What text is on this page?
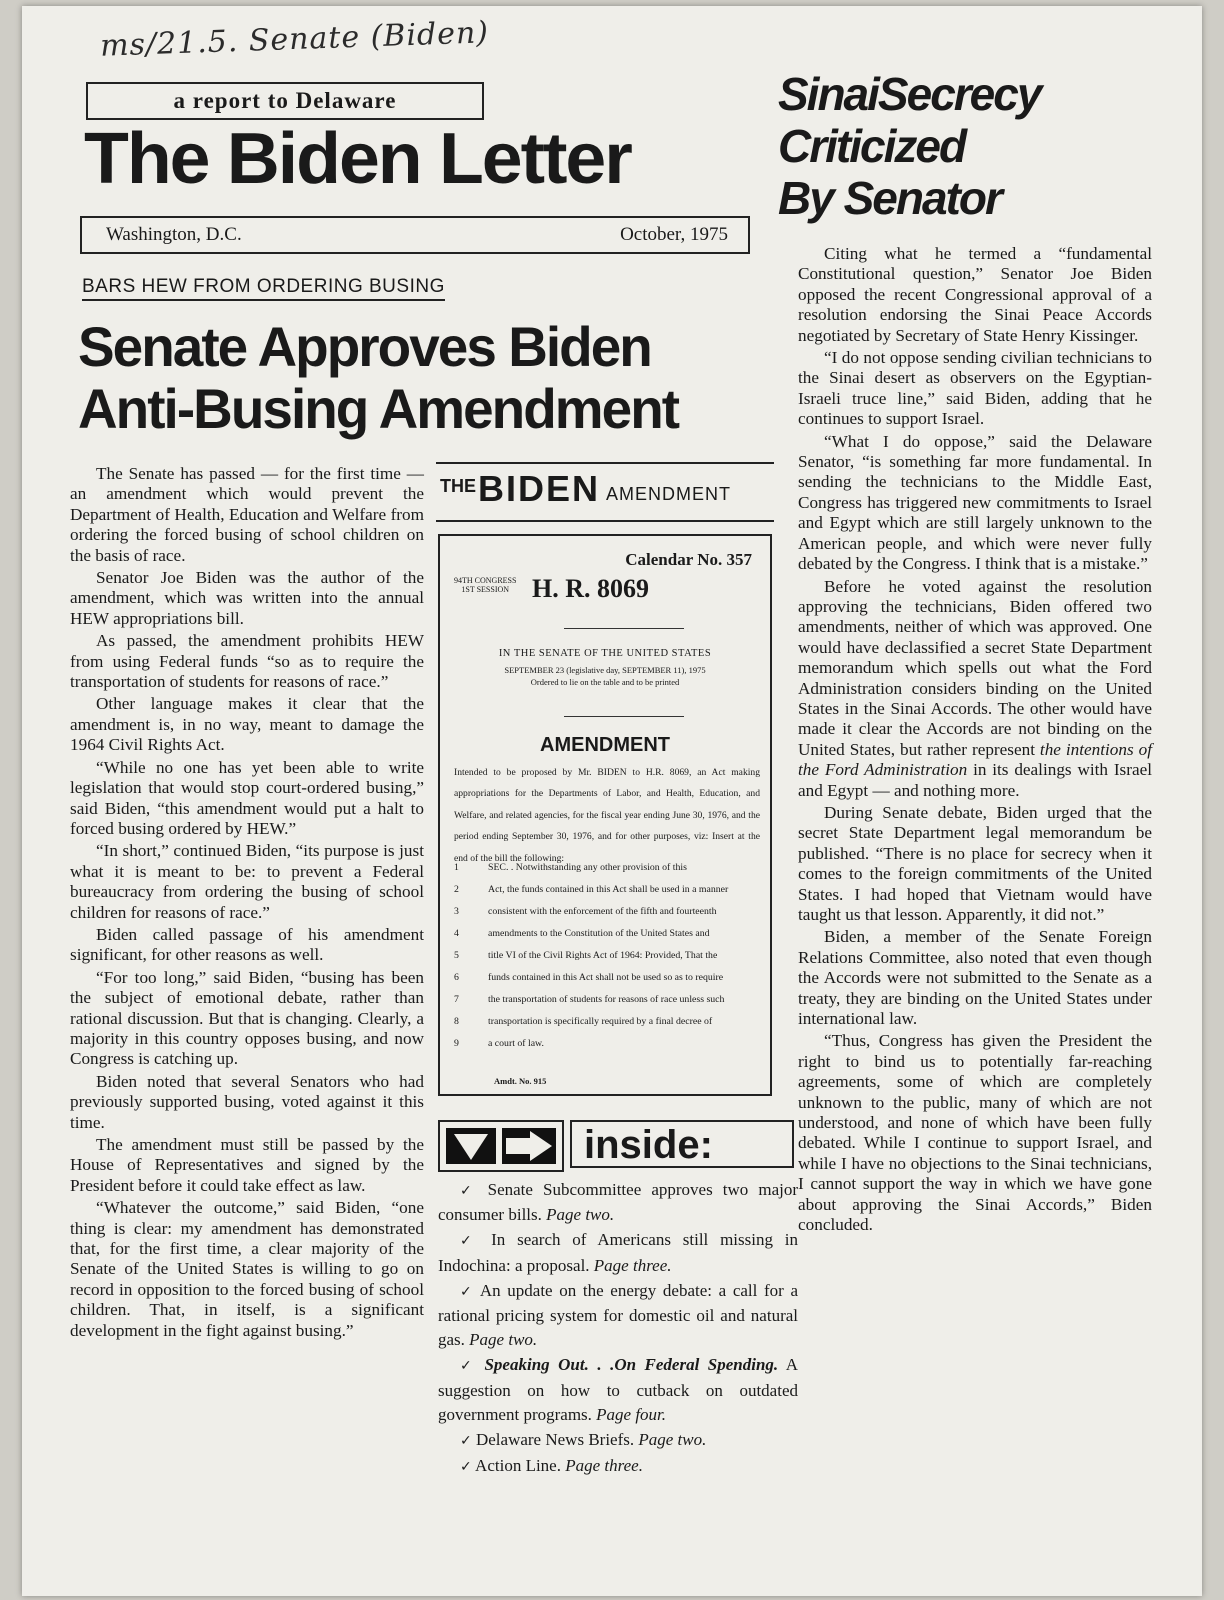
ms/21.5. Senate (Biden)
a report to Delaware
The Biden Letter
Washington, D.C.	October, 1975
BARS HEW FROM ORDERING BUSING
Senate Approves Biden
Anti-Busing Amendment

The Senate has passed — for the first time — an amendment which would prevent the Department of Health, Education and Welfare from ordering the forced busing of school children on the basis of race.

Senator Joe Biden was the author of the amendment, which was written into the annual HEW appropriations bill.

As passed, the amendment prohibits HEW from using Federal funds “so as to require the transportation of students for reasons of race.”

Other language makes it clear that the amendment is, in no way, meant to damage the 1964 Civil Rights Act.

“While no one has yet been able to write legislation that would stop court-ordered busing,” said Biden, “this amendment would put a halt to forced busing ordered by HEW.”

“In short,” continued Biden, “its purpose is just what it is meant to be: to prevent a Federal bureaucracy from ordering the busing of school children for reasons of race.”

Biden called passage of his amendment significant, for other reasons as well.

“For too long,” said Biden, “busing has been the subject of emotional debate, rather than rational discussion. But that is changing. Clearly, a majority in this country opposes busing, and now Congress is catching up.

Biden noted that several Senators who had previously supported busing, voted against it this time.

The amendment must still be passed by the House of Representatives and signed by the President before it could take effect as law.

“Whatever the outcome,” said Biden, “one thing is clear: my amendment has demonstrated that, for the first time, a clear majority of the Senate of the United States is willing to go on record in opposition to the forced busing of school children. That, in itself, is a significant development in the fight against busing.”

THE BIDEN AMENDMENT
Calendar No. 357
94TH CONGRESS
1ST SESSION H. R. 8069
IN THE SENATE OF THE UNITED STATES
SEPTEMBER 23 (legislative day, SEPTEMBER 11), 1975
Ordered to lie on the table and to be printed
AMENDMENT
Intended to be proposed by Mr. BIDEN to H.R. 8069, an Act making appropriations for the Departments of Labor, and Health, Education, and Welfare, and related agencies, for the fiscal year ending June 30, 1976, and the period ending September 30, 1976, and for other purposes, viz: Insert at the end of the bill the following:
1	SEC. . Notwithstanding any other provision of this
2	Act, the funds contained in this Act shall be used in a manner
3	consistent with the enforcement of the fifth and fourteenth
4	amendments to the Constitution of the United States and
5	title VI of the Civil Rights Act of 1964: Provided, That the
6	funds contained in this Act shall not be used so as to require
7	the transportation of students for reasons of race unless such
8	transportation is specifically required by a final decree of
9	a court of law.
Amdt. No. 915
inside:

✓ Senate Subcommittee approves two major consumer bills. Page two.

✓ In search of Americans still missing in Indochina: a proposal. Page three.

✓ An update on the energy debate: a call for a rational pricing system for domestic oil and natural gas. Page two.

✓ Speaking Out. . .On Federal Spending. A suggestion on how to cutback on outdated government programs. Page four.

✓ Delaware News Briefs. Page two.

✓ Action Line. Page three.

SinaiSecrecy
Criticized
By Senator

Citing what he termed a “fundamental Constitutional question,” Senator Joe Biden opposed the recent Congressional approval of a resolution endorsing the Sinai Peace Accords negotiated by Secretary of State Henry Kissinger.

“I do not oppose sending civilian technicians to the Sinai desert as observers on the Egyptian-Israeli truce line,” said Biden, adding that he continues to support Israel.

“What I do oppose,” said the Delaware Senator, “is something far more fundamental. In sending the technicians to the Middle East, Congress has triggered new commitments to Israel and Egypt which are still largely unknown to the American people, and which were never fully debated by the Congress. I think that is a mistake.”

Before he voted against the resolution approving the technicians, Biden offered two amendments, neither of which was approved. One would have declassified a secret State Department memorandum which spells out what the Ford Administration considers binding on the United States in the Sinai Accords. The other would have made it clear the Accords are not binding on the United States, but rather represent the intentions of the Ford Administration in its dealings with Israel and Egypt — and nothing more.

During Senate debate, Biden urged that the secret State Department legal memorandum be published. “There is no place for secrecy when it comes to the foreign commitments of the United States. I had hoped that Vietnam would have taught us that lesson. Apparently, it did not.”

Biden, a member of the Senate Foreign Relations Committee, also noted that even though the Accords were not submitted to the Senate as a treaty, they are binding on the United States under international law.

“Thus, Congress has given the President the right to bind us to potentially far-reaching agreements, some of which are completely unknown to the public, many of which are not understood, and none of which have been fully debated. While I continue to support Israel, and while I have no objections to the Sinai technicians, I cannot support the way in which we have gone about approving the Sinai Accords,” Biden concluded.
